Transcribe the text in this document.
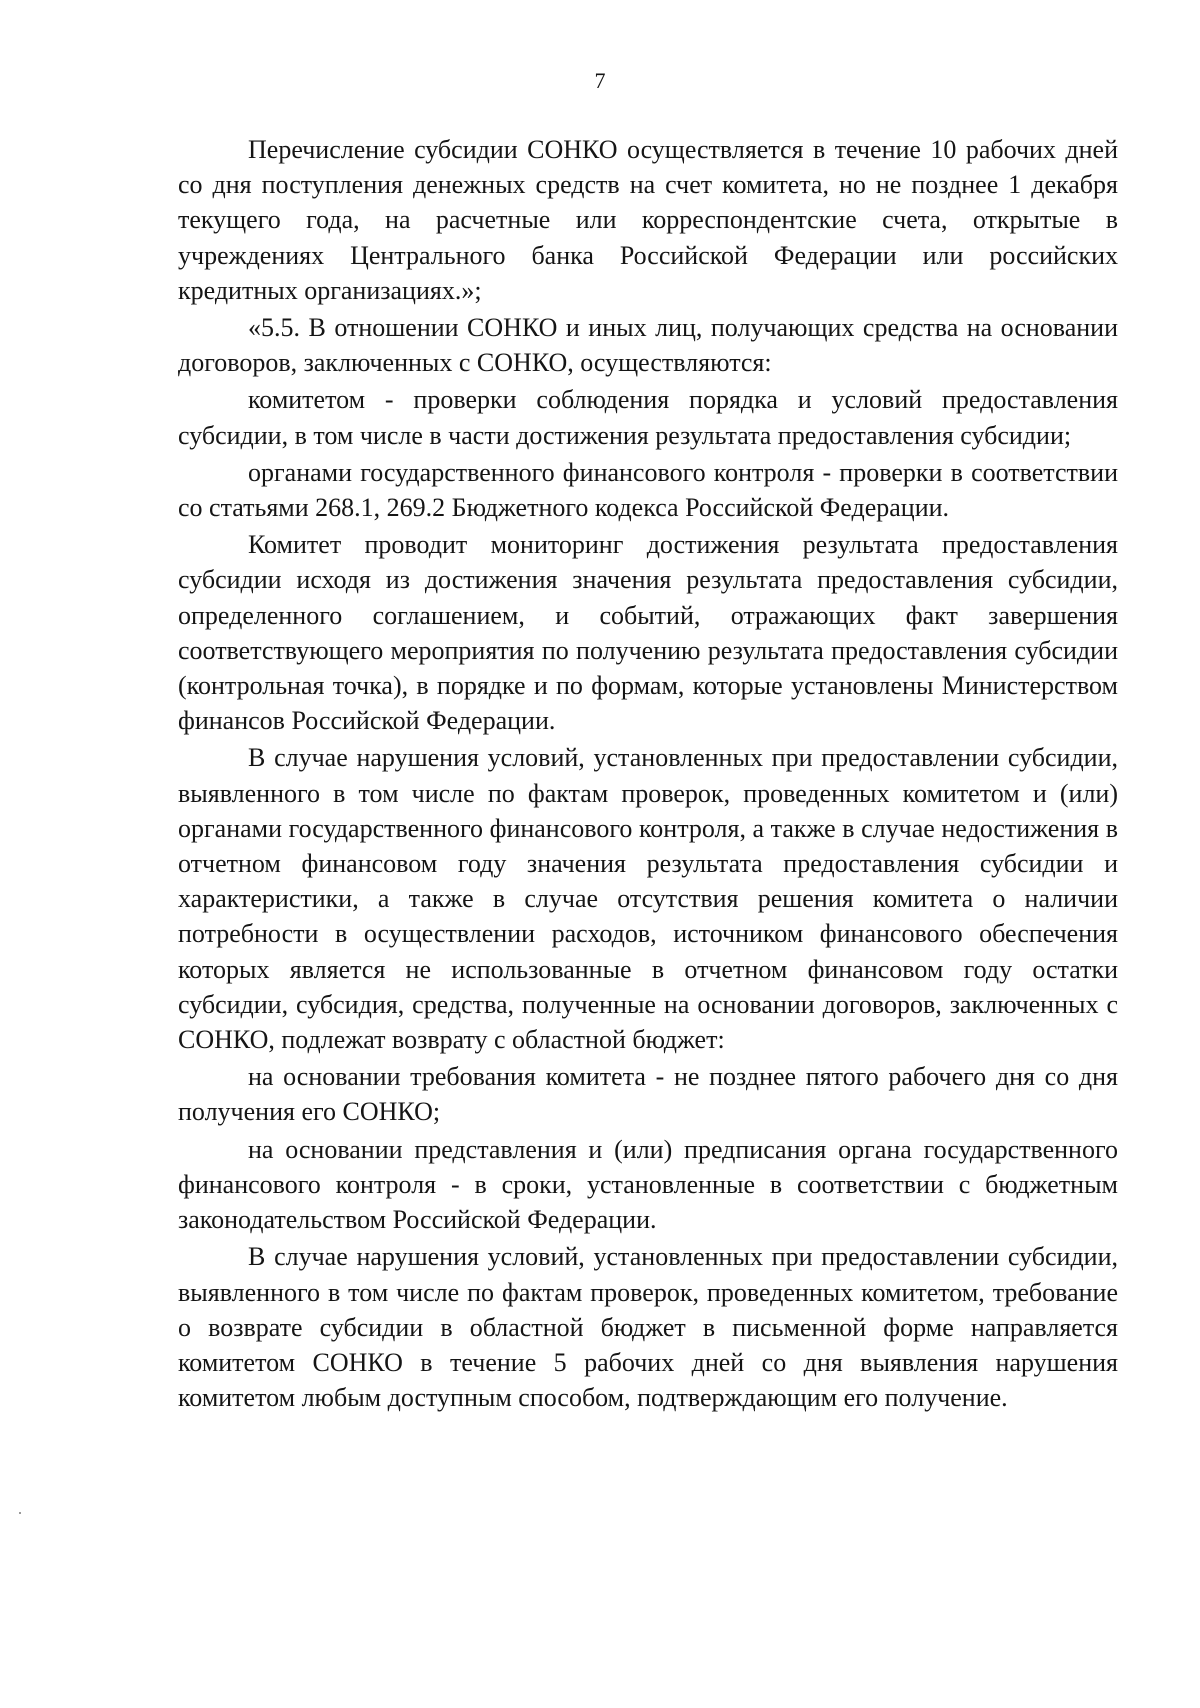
7

Перечисление субсидии СОНКО осуществляется в течение 10 рабочих дней со дня поступления денежных средств на счет комитета, но не позднее 1 декабря текущего года, на расчетные или корреспондентские счета, открытые в учреждениях Центрального банка Российской Федерации или российских кредитных организациях.»;

«5.5. В отношении СОНКО и иных лиц, получающих средства на основании договоров, заключенных с СОНКО, осуществляются:

комитетом - проверки соблюдения порядка и условий предоставления субсидии, в том числе в части достижения результата предоставления субсидии;

органами государственного финансового контроля - проверки в соответствии со статьями 268.1, 269.2 Бюджетного кодекса Российской Федерации.

Комитет проводит мониторинг достижения результата предоставления субсидии исходя из достижения значения результата предоставления субсидии, определенного соглашением, и событий, отражающих факт завершения соответствующего мероприятия по получению результата предоставления субсидии (контрольная точка), в порядке и по формам, которые установлены Министерством финансов Российской Федерации.

В случае нарушения условий, установленных при предоставлении субсидии, выявленного в том числе по фактам проверок, проведенных комитетом и (или) органами государственного финансового контроля, а также в случае недостижения в отчетном финансовом году значения результата предоставления субсидии и характеристики, а также в случае отсутствия решения комитета о наличии потребности в осуществлении расходов, источником финансового обеспечения которых является не использованные в отчетном финансовом году остатки субсидии, субсидия, средства, полученные на основании договоров, заключенных с СОНКО, подлежат возврату с областной бюджет:

на основании требования комитета - не позднее пятого рабочего дня со дня получения его СОНКО;

на основании представления и (или) предписания органа государственного финансового контроля - в сроки, установленные в соответствии с бюджетным законодательством Российской Федерации.

В случае нарушения условий, установленных при предоставлении субсидии, выявленного в том числе по фактам проверок, проведенных комитетом, требование о возврате субсидии в областной бюджет в письменной форме направляется комитетом СОНКО в течение 5 рабочих дней со дня выявления нарушения комитетом любым доступным способом, подтверждающим его получение.
